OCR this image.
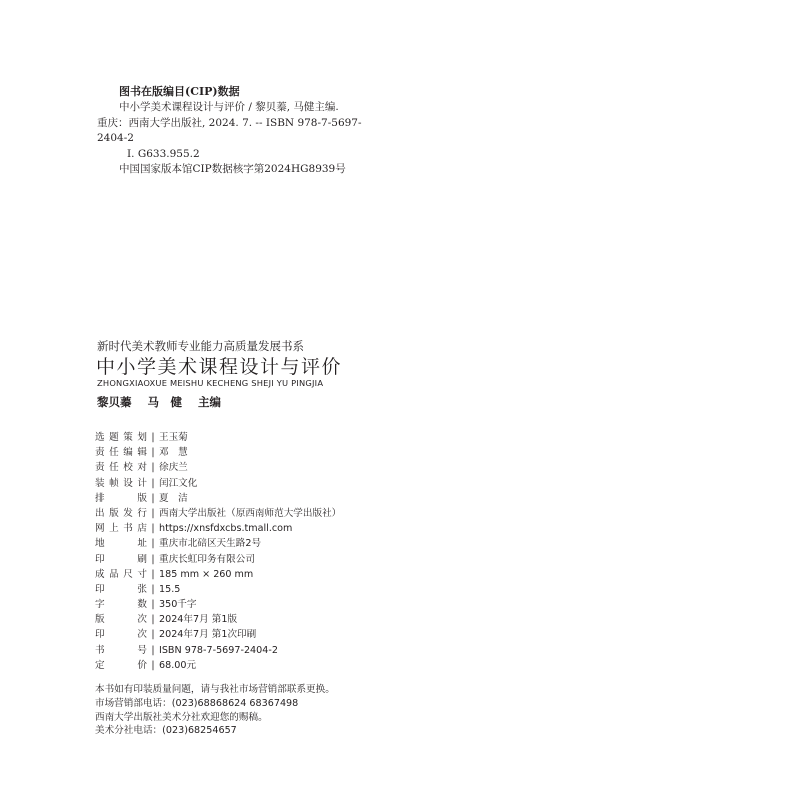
图书在版编目(CIP)数据
中小学美术课程设计与评价 / 黎贝蓁, 马健主编.
重庆：西南大学出版社, 2024. 7. -- ISBN 978-7-5697-
2404-2
Ⅰ. G633.955.2
中国国家版本馆CIP数据核字第2024HG8939号
新时代美术教师专业能力高质量发展书系
中小学美术课程设计与评价
ZHONGXIAOXUE MEISHU KECHENG SHEJI YU PINGJIA
黎贝蓁 马　健 主编
选题策划 | 王玉菊
责任编辑 | 邓　慧
责任校对 | 徐庆兰
装帧设计 | 闰江文化
排版 | 夏　洁
出版发行 | 西南大学出版社（原西南师范大学出版社）
网上书店 | https://xnsfdxcbs.tmall.com
地址 | 重庆市北碚区天生路2号
印刷 | 重庆长虹印务有限公司
成品尺寸 | 185 mm × 260 mm
印张 | 15.5
字数 | 350千字
版次 | 2024年7月 第1版
印次 | 2024年7月 第1次印刷
书号 | ISBN 978-7-5697-2404-2
定价 | 68.00元
本书如有印装质量问题，请与我社市场营销部联系更换。
市场营销部电话：(023)68868624 68367498
西南大学出版社美术分社欢迎您的赐稿。
美术分社电话：(023)68254657
